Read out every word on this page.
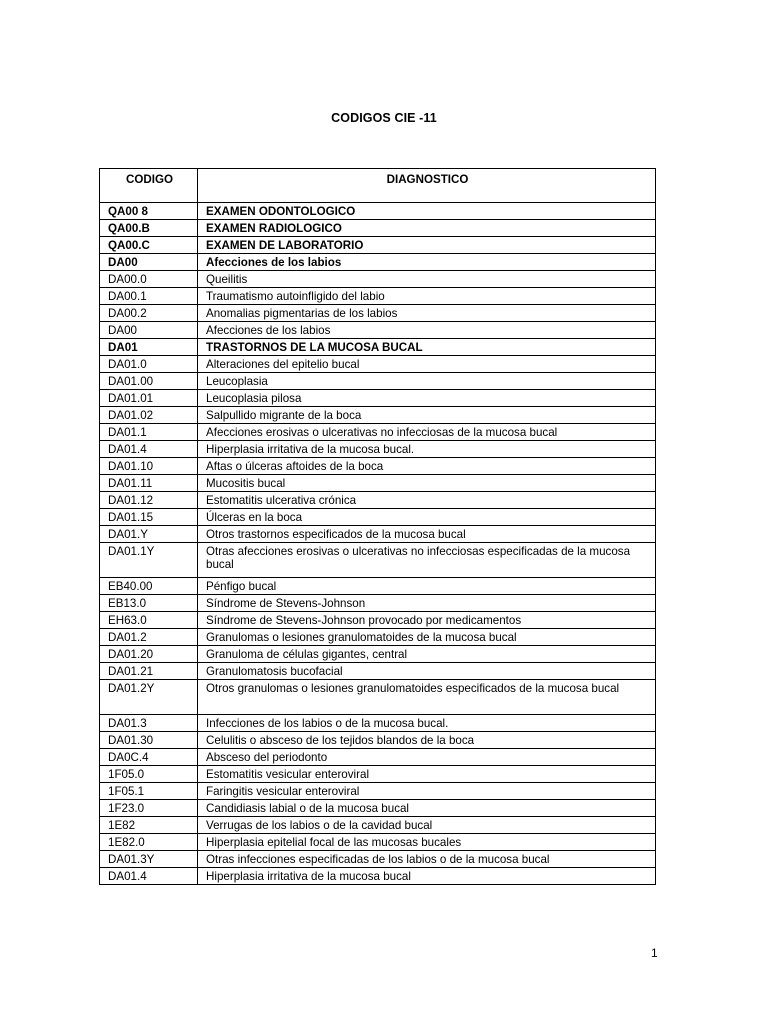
CODIGOS CIE -11
CODIGO	DIAGNOSTICO
QA00 8	EXAMEN ODONTOLOGICO
QA00.B	EXAMEN RADIOLOGICO
QA00.C	EXAMEN DE LABORATORIO
DA00	Afecciones de los labios
DA00.0	Queilitis
DA00.1	Traumatismo autoinfligido del labio
DA00.2	Anomalias pigmentarias de los labios
DA00	Afecciones de los labios
DA01	TRASTORNOS DE LA MUCOSA BUCAL
DA01.0	Alteraciones del epitelio bucal
DA01.00	Leucoplasia
DA01.01	Leucoplasia pilosa
DA01.02	Salpullido migrante de la boca
DA01.1	Afecciones erosivas o ulcerativas no infecciosas de la mucosa bucal
DA01.4	Hiperplasia irritativa de la mucosa bucal.
DA01.10	Aftas o úlceras aftoides de la boca
DA01.11	Mucositis bucal
DA01.12	Estomatitis ulcerativa crónica
DA01.15	Úlceras en la boca
DA01.Y	Otros trastornos especificados de la mucosa bucal
DA01.1Y	Otras afecciones erosivas o ulcerativas no infecciosas especificadas de la mucosa bucal
EB40.00	Pénfigo bucal
EB13.0	Síndrome de Stevens-Johnson
EH63.0	Síndrome de Stevens-Johnson provocado por medicamentos
DA01.2	Granulomas o lesiones granulomatoides de la mucosa bucal
DA01.20	Granuloma de células gigantes, central
DA01.21	Granulomatosis bucofacial
DA01.2Y	Otros granulomas o lesiones granulomatoides especificados de la mucosa bucal
DA01.3	Infecciones de los labios o de la mucosa bucal.
DA01.30	Celulitis o absceso de los tejidos blandos de la boca
DA0C.4	Absceso del periodonto
1F05.0	Estomatitis vesicular enteroviral
1F05.1	Faringitis vesicular enteroviral
1F23.0	Candidiasis labial o de la mucosa bucal
1E82	Verrugas de los labios o de la cavidad bucal
1E82.0	Hiperplasia epitelial focal de las mucosas bucales
DA01.3Y	Otras infecciones especificadas de los labios o de la mucosa bucal
DA01.4	Hiperplasia irritativa de la mucosa bucal
1
